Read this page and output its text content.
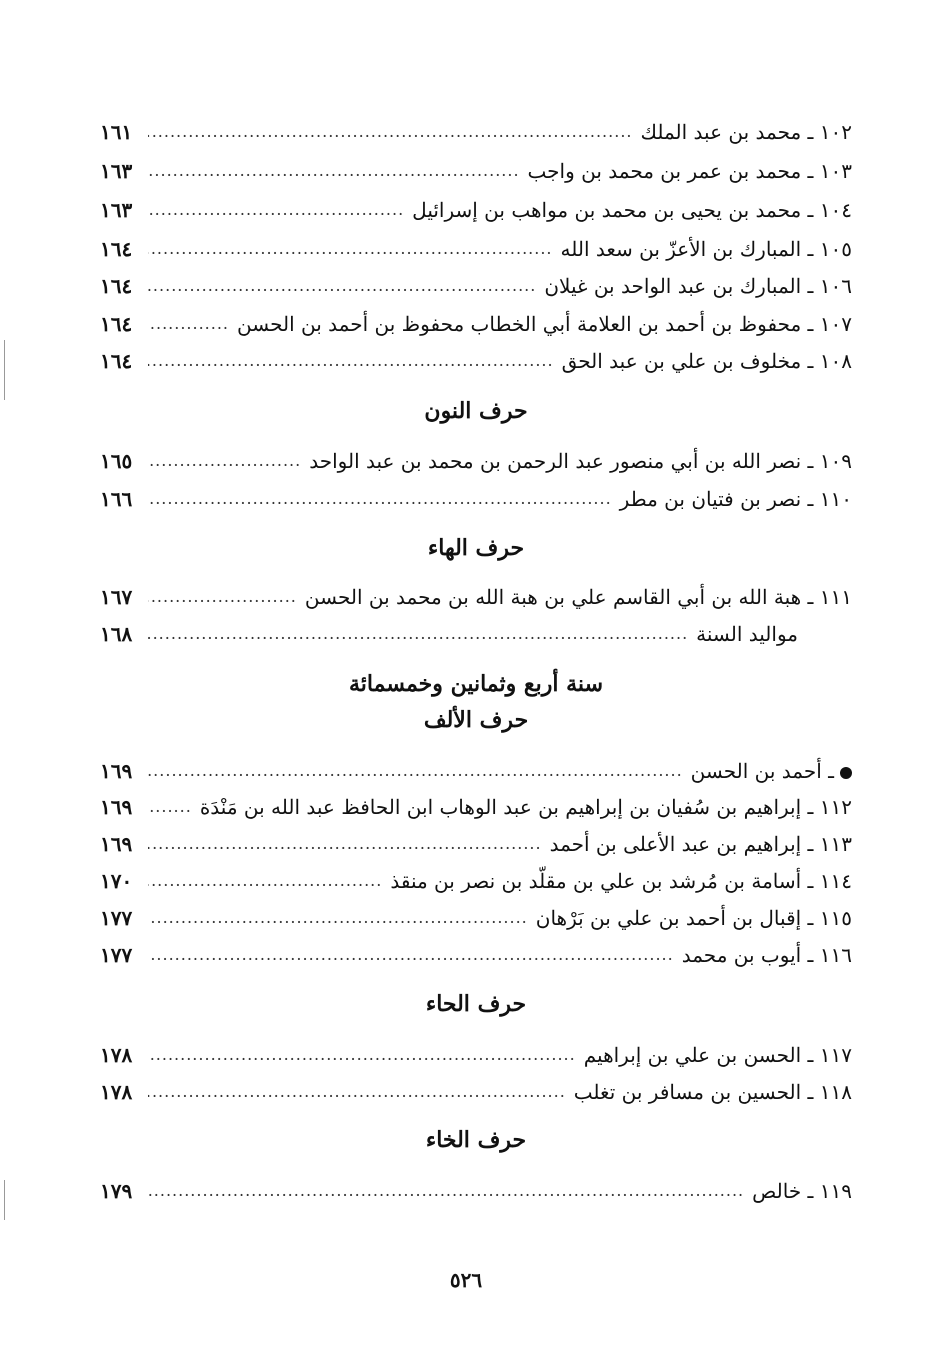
١٠٢ ـ محمد بن عبد الملك
.....
١٦١
١٠٣ ـ محمد بن عمر بن محمد بن واجب
.....
١٦٣
١٠٤ ـ محمد بن يحيى بن محمد بن مواهب بن إسرائيل
.....
١٦٣
١٠٥ ـ المبارك بن الأعزّ بن سعد الله
.....
١٦٤
١٠٦ ـ المبارك بن عبد الواحد بن غيلان
.....
١٦٤
١٠٧ ـ محفوظ بن أحمد بن العلامة أبي الخطاب محفوظ بن أحمد بن الحسن
.....
١٦٤
١٠٨ ـ مخلوف بن علي بن عبد الحق
.....
١٦٤
حرف النون
١٠٩ ـ نصر الله بن أبي منصور عبد الرحمن بن محمد بن عبد الواحد
.....
١٦٥
١١٠ ـ نصر بن فتيان بن مطر
.....
١٦٦
حرف الهاء
١١١ ـ هبة الله بن أبي القاسم علي بن هبة الله بن محمد بن الحسن
.....
١٦٧
مواليد السنة
.....
١٦٨
سنة أربع وثمانين وخمسمائة
حرف الألف
ـ أحمد بن الحسن
.....
١٦٩
١١٢ ـ إبراهيم بن سُفيان بن إبراهيم بن عبد الوهاب ابن الحافظ عبد الله بن مَنْدَة
.....
١٦٩
١١٣ ـ إبراهيم بن عبد الأعلى بن أحمد
.....
١٦٩
١١٤ ـ أسامة بن مُرشد بن علي بن مقلّد بن نصر بن منقذ
.....
١٧٠
١١٥ ـ إقبال بن أحمد بن علي بن بَرْهان
.....
١٧٧
١١٦ ـ أيوب بن محمد
.....
١٧٧
حرف الحاء
١١٧ ـ الحسن بن علي بن إبراهيم
.....
١٧٨
١١٨ ـ الحسين بن مسافر بن تغلب
.....
١٧٨
حرف الخاء
١١٩ ـ خالص
.....
١٧٩
٥٢٦
